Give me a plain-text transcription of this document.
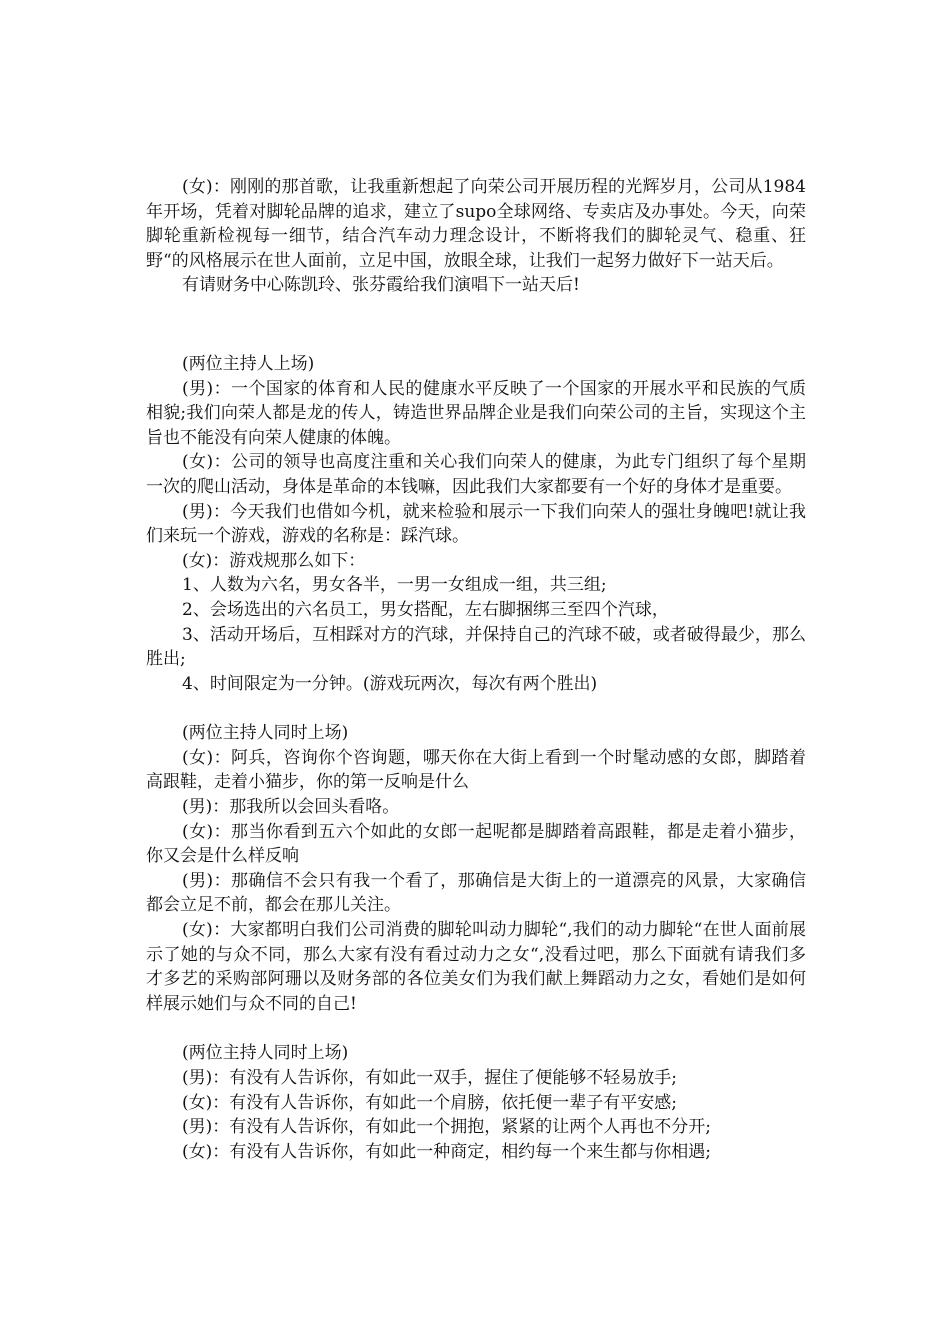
(女)：刚刚的那首歌，让我重新想起了向荣公司开展历程的光辉岁月，公司从1984年开场，凭着对脚轮品牌的追求，建立了supo全球网络、专卖店及办事处。今天，向荣脚轮重新检视每一细节，结合汽车动力理念设计，不断将我们的脚轮灵气、稳重、狂野“的风格展示在世人面前，立足中国，放眼全球，让我们一起努力做好下一站天后。

有请财务中心陈凯玲、张芬霞给我们演唱下一站天后!

(两位主持人上场)

(男)：一个国家的体育和人民的健康水平反映了一个国家的开展水平和民族的气质相貌;我们向荣人都是龙的传人，铸造世界品牌企业是我们向荣公司的主旨，实现这个主旨也不能没有向荣人健康的体魄。

(女)：公司的领导也高度注重和关心我们向荣人的健康，为此专门组织了每个星期一次的爬山活动，身体是革命的本钱嘛，因此我们大家都要有一个好的身体才是重要。

(男)：今天我们也借如今机，就来检验和展示一下我们向荣人的强壮身魄吧!就让我们来玩一个游戏，游戏的名称是：踩汽球。

(女)：游戏规那么如下：

1、人数为六名，男女各半，一男一女组成一组，共三组;

2、会场选出的六名员工，男女搭配，左右脚捆绑三至四个汽球，

3、活动开场后，互相踩对方的汽球，并保持自己的汽球不破，或者破得最少，那么胜出;

4、时间限定为一分钟。(游戏玩两次，每次有两个胜出)

(两位主持人同时上场)

(女)：阿兵，咨询你个咨询题，哪天你在大街上看到一个时髦动感的女郎，脚踏着高跟鞋，走着小猫步，你的第一反响是什么

(男)：那我所以会回头看咯。

(女)：那当你看到五六个如此的女郎一起呢都是脚踏着高跟鞋，都是走着小猫步，你又会是什么样反响

(男)：那确信不会只有我一个看了，那确信是大街上的一道漂亮的风景，大家确信都会立足不前，都会在那儿关注。

(女)：大家都明白我们公司消费的脚轮叫动力脚轮“,我们的动力脚轮“在世人面前展示了她的与众不同，那么大家有没有看过动力之女“,没看过吧，那么下面就有请我们多才多艺的采购部阿珊以及财务部的各位美女们为我们献上舞蹈动力之女，看她们是如何样展示她们与众不同的自己!

(两位主持人同时上场)

(男)：有没有人告诉你，有如此一双手，握住了便能够不轻易放手;

(女)：有没有人告诉你，有如此一个肩膀，依托便一辈子有平安感;

(男)：有没有人告诉你，有如此一个拥抱，紧紧的让两个人再也不分开;

(女)：有没有人告诉你，有如此一种商定，相约每一个来生都与你相遇;
